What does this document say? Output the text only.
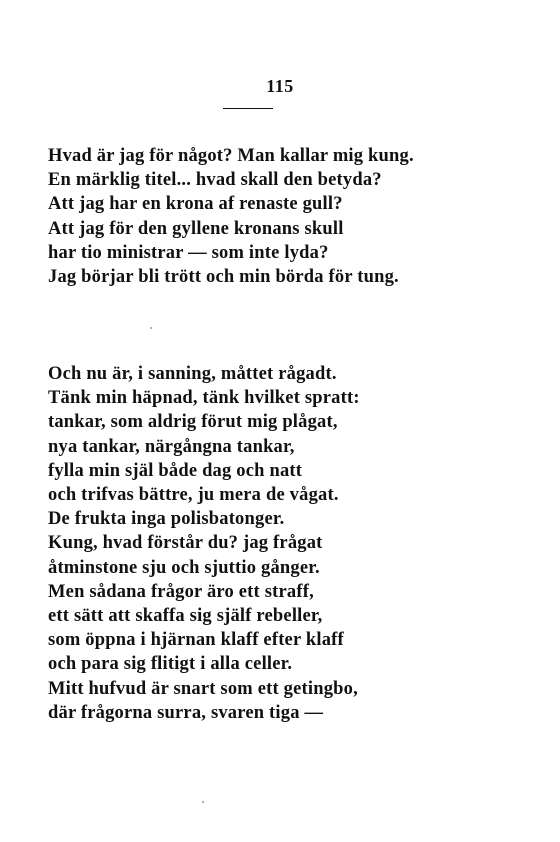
115
Hvad är jag för något? Man kallar mig kung.
En märklig titel... hvad skall den betyda?
Att jag har en krona af renaste gull?
Att jag för den gyllene kronans skull
har tio ministrar — som inte lyda?
Jag börjar bli trött och min börda för tung.
Och nu är, i sanning, måttet rågadt.
Tänk min häpnad, tänk hvilket spratt:
tankar, som aldrig förut mig plågat,
nya tankar, närgångna tankar,
fylla min själ både dag och natt
och trifvas bättre, ju mera de vågat.
De frukta inga polisbatonger.
Kung, hvad förstår du? jag frågat
åtminstone sju och sjuttio gånger.
Men sådana frågor äro ett straff,
ett sätt att skaffa sig själf rebeller,
som öppna i hjärnan klaff efter klaff
och para sig flitigt i alla celler.
Mitt hufvud är snart som ett getingbo,
där frågorna surra, svaren tiga —
